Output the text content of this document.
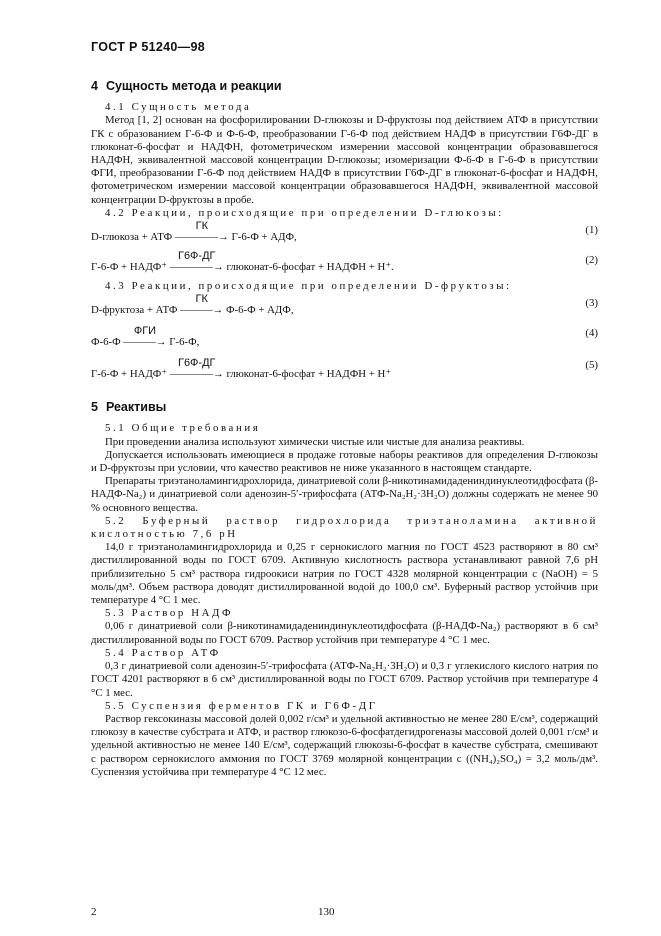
ГОСТ Р 51240—98
4 Сущность метода и реакции

4.1 Сущность метода

Метод [1, 2] основан на фосфорилировании D-глюкозы и D-фруктозы под действием АТФ в присутствии ГК с образованием Г-6-Ф и Ф-6-Ф, преобразовании Г-6-Ф под действием НАДФ в присутствии Г6Ф-ДГ в глюконат-6-фосфат и НАДФН, фотометрическом измерении массовой концентрации образовавшегося НАДФН, эквивалентной массовой концентрации D-глюкозы; изомеризации Ф-6-Ф в Г-6-Ф в присутствии ФГИ, преобразовании Г-6-Ф под действием НАДФ в присутствии Г6Ф-ДГ в глюконат-6-фосфат и НАДФН, фотометрическом измерении массовой концентрации образовавшегося НАДФН, эквивалентной массовой концентрации D-фруктозы в пробе.

4.2 Реакции, происходящие при определении D-глюкозы:

D-глюкоза + АТФ
ГК
————→ Г-6-Ф + АДФ,
(1)
Г-6-Ф + НАДФ⁺
Г6Ф-ДГ
————→ глюконат-6-фосфат + НАДФН + Н⁺.
(2)

4.3 Реакции, происходящие при определении D-фруктозы:

D-фруктоза + АТФ
ГК
———→ Ф-6-Ф + АДФ,
(3)
Ф-6-Ф
ФГИ
———→ Г-6-Ф,
(4)
Г-6-Ф + НАДФ⁺
Г6Ф-ДГ
————→ глюконат-6-фосфат + НАДФН + Н⁺
(5)
5 Реактивы

5.1 Общие требования

При проведении анализа используют химически чистые или чистые для анализа реактивы.

Допускается использовать имеющиеся в продаже готовые наборы реактивов для определения D-глюкозы и D-фруктозы при условии, что качество реактивов не ниже указанного в настоящем стандарте.

Препараты триэтаноламингидрохлорида, динатриевой соли β-никотинамидадениндинуклеотидфосфата (β-НАДФ-Na₂) и динатриевой соли аденозин-5′-трифосфата (АТФ-Na₂H₂·3H₂O) должны содержать не менее 90 % основного вещества.

5.2 Буферный раствор гидрохлорида триэтаноламина активной кислотностью 7,6 рН

14,0 г триэтаноламингидрохлорида и 0,25 г сернокислого магния по ГОСТ 4523 растворяют в 80 см³ дистиллированной воды по ГОСТ 6709. Активную кислотность раствора устанавливают равной 7,6 рН приблизительно 5 см³ раствора гидроокиси натрия по ГОСТ 4328 молярной концентрации с (NaOH) = 5 моль/дм³. Объем раствора доводят дистиллированной водой до 100,0 см³. Буферный раствор устойчив при температуре 4 °С 1 мес.

5.3 Раствор НАДФ

0,06 г динатриевой соли β-никотинамидадениндинуклеотидфосфата (β-НАДФ-Na₂) растворяют в 6 см³ дистиллированной воды по ГОСТ 6709. Раствор устойчив при температуре 4 °С 1 мес.

5.4 Раствор АТФ

0,3 г динатриевой соли аденозин-5′-трифосфата (АТФ-Na₂H₂·3H₂O) и 0,3 г углекислого кислого натрия по ГОСТ 4201 растворяют в 6 см³ дистиллированной воды по ГОСТ 6709. Раствор устойчив при температуре 4 °С 1 мес.

5.5 Суспензия ферментов ГК и Г6Ф-ДГ

Раствор гексокиназы массовой долей 0,002 г/см³ и удельной активностью не менее 280 Е/см³, содержащий глюкозу в качестве субстрата и АТФ, и раствор глюкозо-6-фосфатдегидрогеназы массовой долей 0,001 г/см³ и удельной активностью не менее 140 Е/см³, содержащий глюкозы-6-фосфат в качестве субстрата, смешивают с раствором сернокислого аммония по ГОСТ 3769 молярной концентрации с ((NH₄)₂SO₄) = 3,2 моль/дм³. Суспензия устойчива при температуре 4 °С 12 мес.

2	130
